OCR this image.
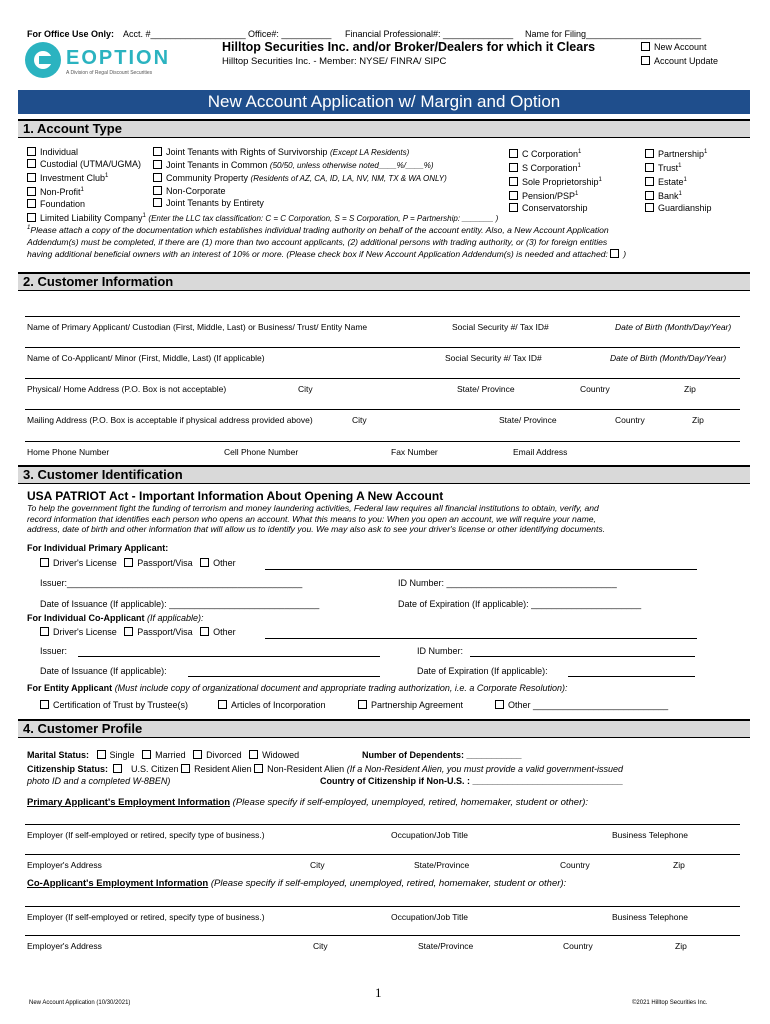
For Office Use Only: Acct. #___________________ Office#: __________ Financial Professional#: ______________ Name for Filing_______________________
EOPTION
A Division of Regal Discount Securities
Hilltop Securities Inc. and/or Broker/Dealers for which it Clears
Hilltop Securities Inc. - Member: NYSE/ FINRA/ SIPC
New Account
Account Update
New Account Application w/ Margin and Option
1. Account Type
Individual
Custodial (UTMA/UGMA)
Investment Club$^1$
Non-Profit$^1$
Foundation
Limited Liability Company$^1$ (Enter the LLC tax classification: C = C Corporation, S = S Corporation, P = Partnership: _______ )
Joint Tenants with Rights of Survivorship (Except LA Residents)
Joint Tenants in Common (50/50, unless otherwise noted____%/____%)
Community Property (Residents of AZ, CA, ID, LA, NV, NM, TX & WA ONLY)
Non-Corporate
Joint Tenants by Entirety
C Corporation$^1$
S Corporation$^1$
Sole Proprietorship$^1$
Pension/PSP$^1$
Conservatorship
Partnership$^1$
Trust$^1$
Estate$^1$
Bank$^1$
Guardianship
$^1$Please attach a copy of the documentation which establishes individual trading authority on behalf of the account entity. Also, a New Account Application
Addendum(s) must be completed, if there are (1) more than two account applicants, (2) additional persons with trading authority, or (3) for foreign entities
having additional beneficial owners with an interest of 10% or more. (Please check box if New Account Application Addendum(s) is needed and attached: )
2. Customer Information
Name of Primary Applicant/ Custodian (First, Middle, Last) or Business/ Trust/ Entity Name	Social Security #/ Tax ID#	Date of Birth (Month/Day/Year)
Name of Co-Applicant/ Minor (First, Middle, Last) (If applicable)	Social Security #/ Tax ID#	Date of Birth (Month/Day/Year)
Physical/ Home Address (P.O. Box is not acceptable)	City	State/ Province	Country	Zip
Mailing Address (P.O. Box is acceptable if physical address provided above)	City	State/ Province	Country	Zip
Home Phone Number	Cell Phone Number	Fax Number	Email Address
3. Customer Identification
USA PATRIOT Act - Important Information About Opening A New Account
To help the government fight the funding of terrorism and money laundering activities, Federal law requires all financial institutions to obtain, verify, and
record information that identifies each person who opens an account. What this means to you: When you open an account, we will require your name,
address, date of birth and other information that will allow us to identify you. We may also ask to see your driver's license or other identifying documents.
For Individual Primary Applicant:
Driver's License Passport/Visa Other
Issuer:_______________________________________________	ID Number: __________________________________
Date of Issuance (If applicable): ______________________________	Date of Expiration (If applicable): ______________________
For Individual Co-Applicant (If applicable):
Driver's License Passport/Visa Other
Issuer:	ID Number:
Date of Issuance (If applicable):	Date of Expiration (If applicable):
For Entity Applicant (Must include copy of organizational document and appropriate trading authorization, i.e. a Corporate Resolution):
Certification of Trust by Trustee(s)	Articles of Incorporation	Partnership Agreement	Other ___________________________
4. Customer Profile
Marital Status: Single Married Divorced Widowed	Number of Dependents: ___________
Citizenship Status:	U.S. Citizen Resident Alien Non-Resident Alien (If a Non-Resident Alien, you must provide a valid government-issued
photo ID and a completed W-8BEN)	Country of Citizenship if Non-U.S. : ______________________________
Primary Applicant's Employment Information (Please specify if self-employed, unemployed, retired, homemaker, student or other):
Employer (If self-employed or retired, specify type of business.)	Occupation/Job Title	Business Telephone
Employer's Address	City	State/Province	Country	Zip
Co-Applicant's Employment Information (Please specify if self-employed, unemployed, retired, homemaker, student or other):
Employer (If self-employed or retired, specify type of business.)	Occupation/Job Title	Business Telephone
Employer's Address	City	State/Province	Country	Zip
1
New Account Application (10/30/2021)	©2021 Hilltop Securities Inc.
